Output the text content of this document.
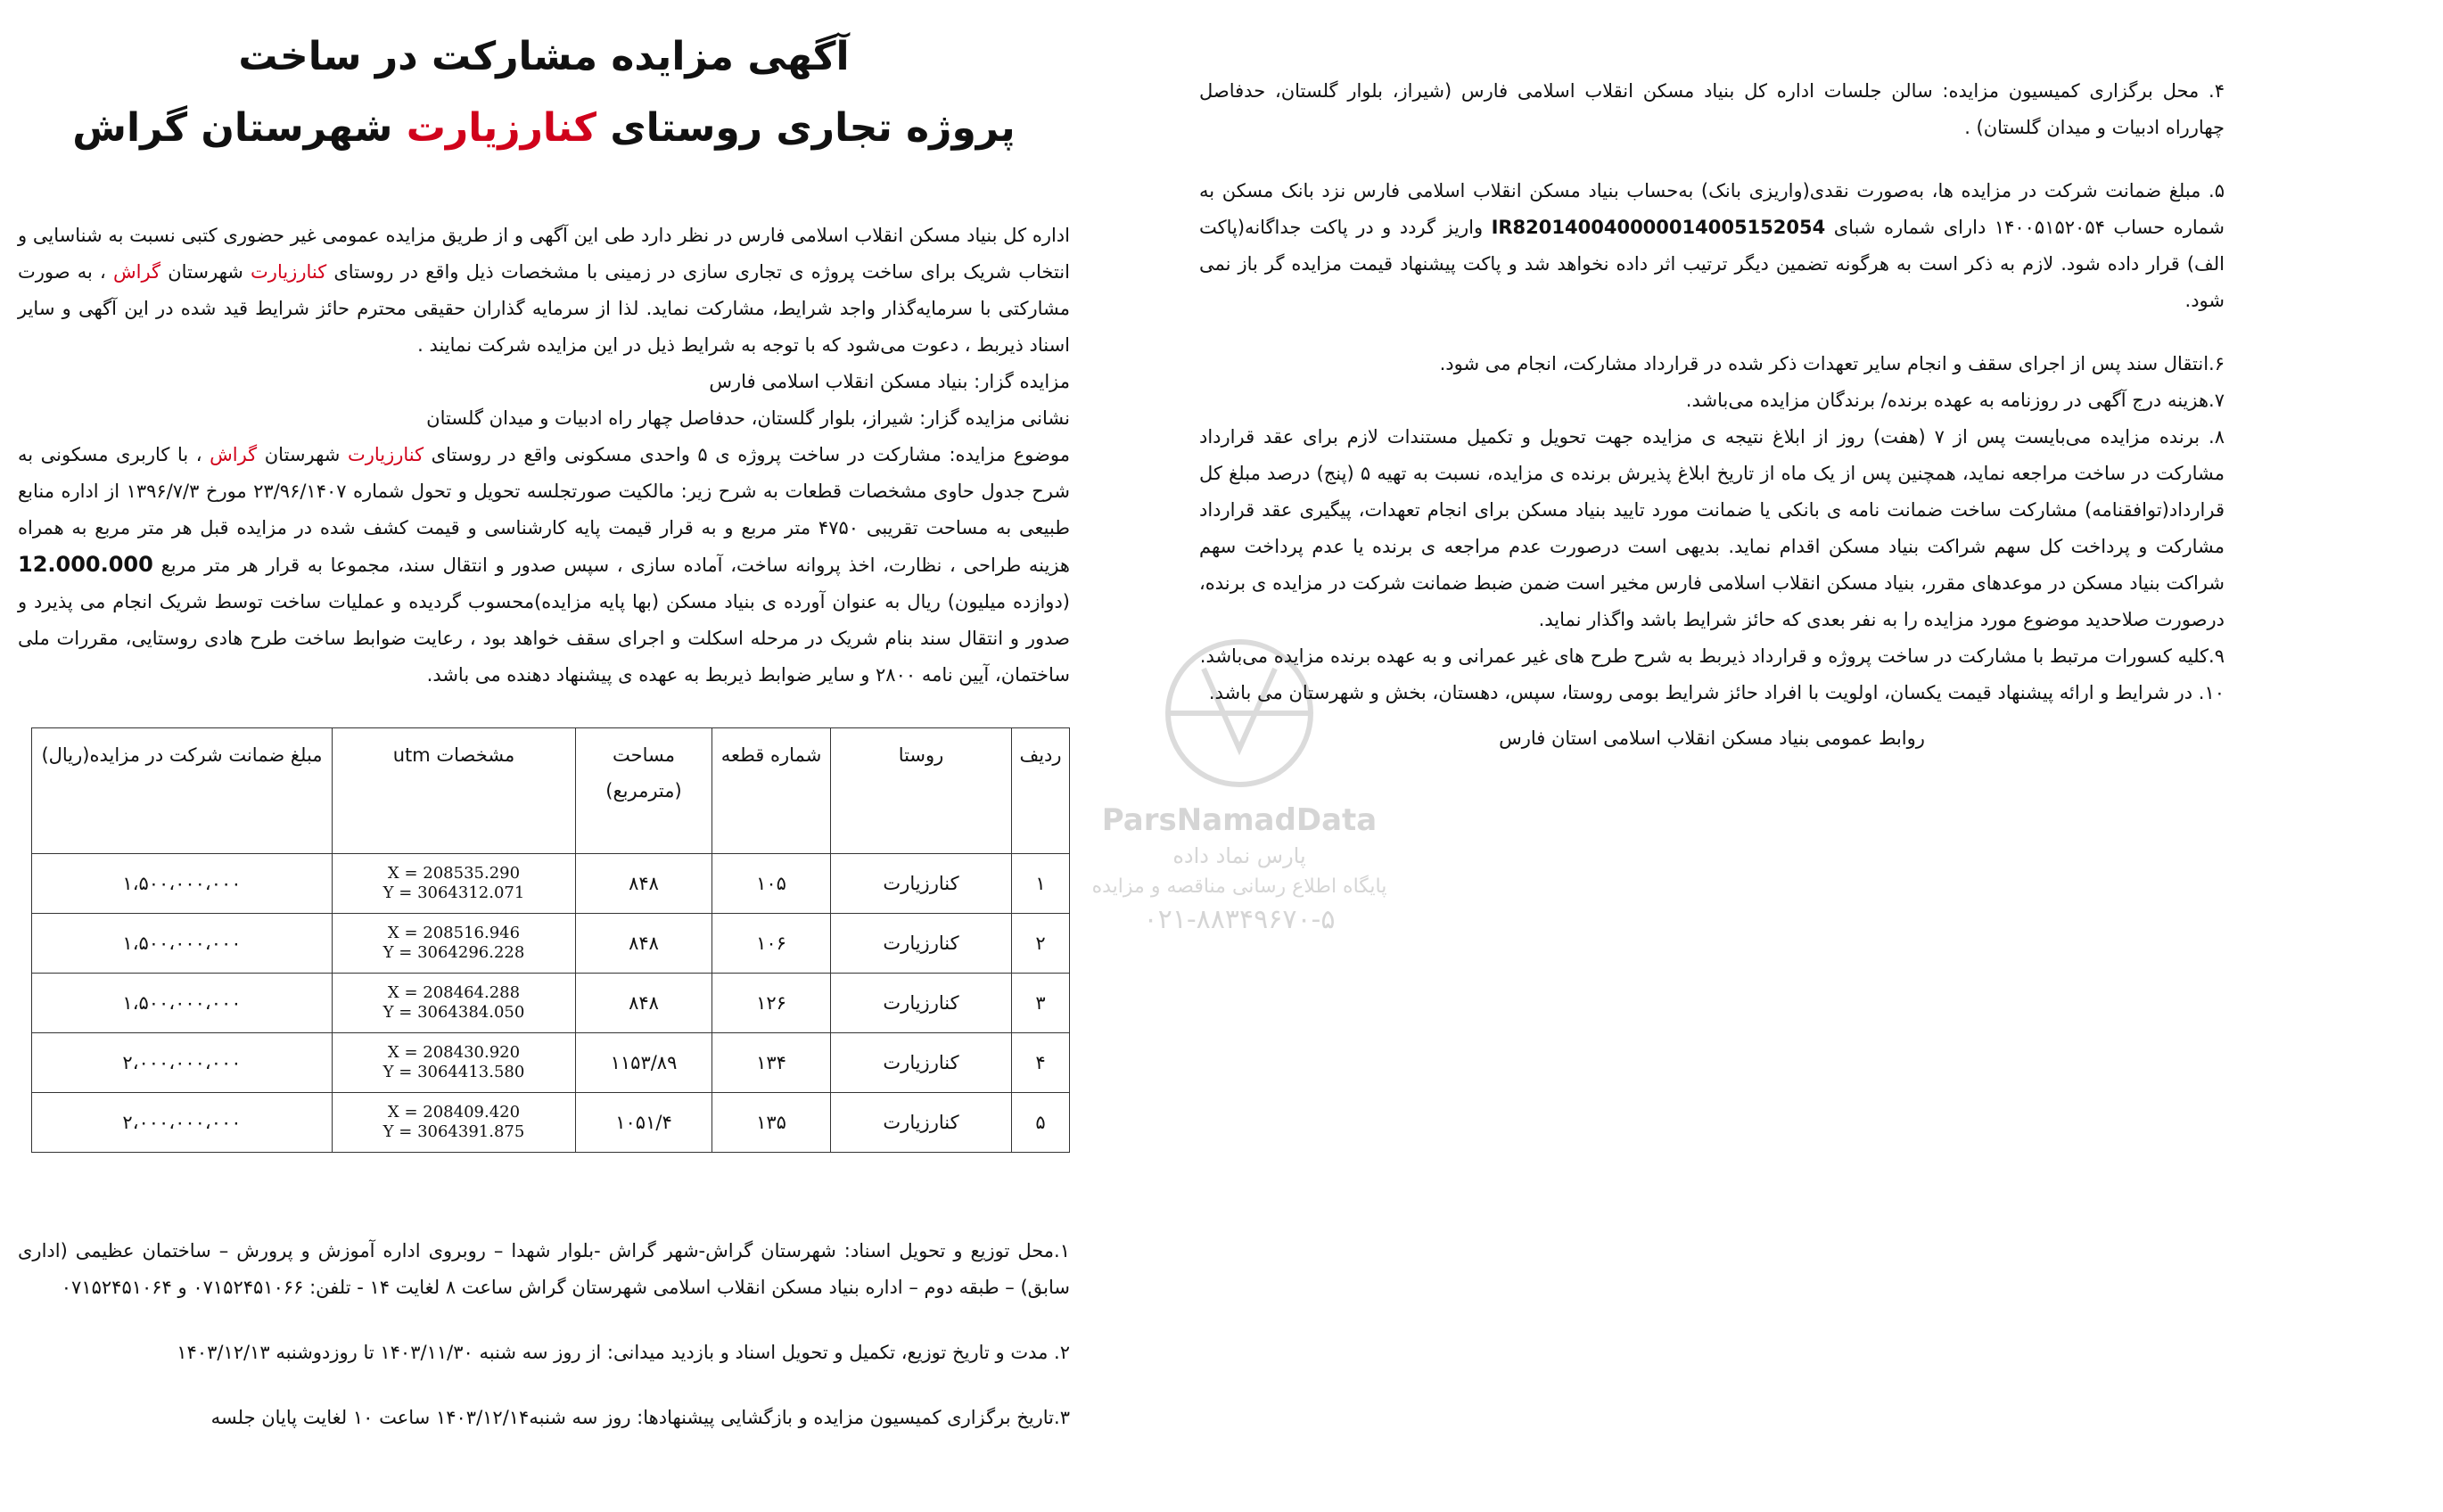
آگهی مزایده مشارکت در ساخت
پروژه تجاری روستای کنارزیارت شهرستان گراش

اداره کل بنیاد مسکن انقلاب اسلامی فارس در نظر دارد طی این آگهی و از طریق مزایده عمومی غیر حضوری کتبی نسبت به شناسایی و انتخاب شریک برای ساخت پروژه ی تجاری سازی در زمینی با مشخصات ذیل واقع در روستای کنارزیارت شهرستان گراش ، به صورت مشارکتی با سرمایه‌گذار واجد شرایط، مشارکت نماید. لذا از سرمایه گذاران حقیقی محترم حائز شرایط قید شده در این آگهی و سایر اسناد ذیربط ، دعوت می‌شود که با توجه به شرایط ذیل در این مزایده شرکت نمایند .

مزایده گزار: بنیاد مسکن انقلاب اسلامی فارس

نشانی مزایده گزار: شیراز، بلوار گلستان، حدفاصل چهار راه ادبیات و میدان گلستان

موضوع مزایده: مشارکت در ساخت پروژه ی ۵ واحدی مسکونی واقع در روستای کنارزیارت شهرستان گراش ، با کاربری مسکونی به شرح جدول حاوی مشخصات قطعات به شرح زیر: مالکیت صورتجلسه تحویل و تحول شماره ۲۳/۹۶/۱۴۰۷ مورخ ۱۳۹۶/۷/۳ از اداره منابع طبیعی به مساحت تقریبی ۴۷۵۰ متر مربع و به قرار قیمت پایه کارشناسی و قیمت کشف شده در مزایده قبل هر متر مربع به همراه هزینه طراحی ، نظارت، اخذ پروانه ساخت، آماده سازی ، سپس صدور و انتقال سند، مجموعا به قرار هر متر مربع 12.000.000 (دوازده میلیون) ریال به عنوان آورده ی بنیاد مسکن (بها پایه مزایده)محسوب گردیده و عملیات ساخت توسط شریک انجام می پذیرد و صدور و انتقال سند بنام شریک در مرحله اسکلت و اجرای سقف خواهد بود ، رعایت ضوابط ساخت طرح هادی روستایی، مقررات ملی ساختمان، آیین نامه ۲۸۰۰ و سایر ضوابط ذیربط به عهده ی پیشنهاد دهنده می باشد.

ردیف	روستا	شماره قطعه	مساحت (مترمربع)	مشخصات utm	مبلغ ضمانت شرکت در مزایده(ریال)
۱	کنارزیارت	۱۰۵	۸۴۸	X = 208535.290
Y = 3064312.071	۱،۵۰۰،۰۰۰،۰۰۰
۲	کنارزیارت	۱۰۶	۸۴۸	X = 208516.946
Y = 3064296.228	۱،۵۰۰،۰۰۰،۰۰۰
۳	کنارزیارت	۱۲۶	۸۴۸	X = 208464.288
Y = 3064384.050	۱،۵۰۰،۰۰۰،۰۰۰
۴	کنارزیارت	۱۳۴	۱۱۵۳/۸۹	X = 208430.920
Y = 3064413.580	۲،۰۰۰،۰۰۰،۰۰۰
۵	کنارزیارت	۱۳۵	۱۰۵۱/۴	X = 208409.420
Y = 3064391.875	۲،۰۰۰،۰۰۰،۰۰۰

۱.محل توزیع و تحویل اسناد: شهرستان گراش-شهر گراش -بلوار شهدا – روبروی اداره آموزش و پرورش – ساختمان عظیمی (اداری سابق) – طبقه دوم – اداره بنیاد مسکن انقلاب اسلامی شهرستان گراش ساعت ۸ لغایت ۱۴ - تلفن: ۰۷۱۵۲۴۵۱۰۶۶ و ۰۷۱۵۲۴۵۱۰۶۴

۲. مدت و تاریخ توزیع، تکمیل و تحویل اسناد و بازدید میدانی: از روز سه شنبه ۱۴۰۳/۱۱/۳۰ تا روزدوشنبه ۱۴۰۳/۱۲/۱۳

۳.تاریخ برگزاری کمیسیون مزایده و بازگشایی پیشنهادها: روز سه شنبه۱۴۰۳/۱۲/۱۴ ساعت ۱۰ لغایت پایان جلسه

ParsNamadData
پارس نماد داده
پایگاه اطلاع رسانی مناقصه و مزایده
۰۲۱-۸۸۳۴۹۶۷۰-۵

۴. محل برگزاری کمیسیون مزایده: سالن جلسات اداره کل بنیاد مسکن انقلاب اسلامی فارس (شیراز، بلوار گلستان، حدفاصل چهارراه ادبیات و میدان گلستان) .

۵. مبلغ ضمانت شرکت در مزایده ها، به‌صورت نقدی(واریزی بانک) به‌حساب بنیاد مسکن انقلاب اسلامی فارس نزد بانک مسکن به شماره حساب ۱۴۰۰۵۱۵۲۰۵۴ دارای شماره شبای IR820140040000014005152054 واریز گردد و در پاکت جداگانه(پاکت الف) قرار داده شود. لازم به ذکر است به هرگونه تضمین دیگر ترتیب اثر داده نخواهد شد و پاکت پیشنهاد قیمت مزایده گر باز نمی شود.

۶.انتقال سند پس از اجرای سقف و انجام سایر تعهدات ذکر شده در قرارداد مشارکت، انجام می شود.

۷.هزینه درج آگهی در روزنامه به عهده برنده/ برندگان مزایده می‌باشد.

۸. برنده مزایده می‌بایست پس از ۷ (هفت) روز از ابلاغ نتیجه ی مزایده جهت تحویل و تکمیل مستندات لازم برای عقد قرارداد مشارکت در ساخت مراجعه نماید، همچنین پس از یک ماه از تاریخ ابلاغ پذیرش برنده ی مزایده، نسبت به تهیه ۵ (پنج) درصد مبلغ کل قرارداد(توافقنامه) مشارکت ساخت ضمانت نامه ی بانکی یا ضمانت مورد تایید بنیاد مسکن برای انجام تعهدات، پیگیری عقد قرارداد مشارکت و پرداخت کل سهم شراکت بنیاد مسکن اقدام نماید. بدیهی است درصورت عدم مراجعه ی برنده یا عدم پرداخت سهم شراکت بنیاد مسکن در موعدهای مقرر، بنیاد مسکن انقلاب اسلامی فارس مخیر است ضمن ضبط ضمانت شرکت در مزایده ی برنده، درصورت صلاحدید موضوع مورد مزایده را به نفر بعدی که حائز شرایط باشد واگذار نماید.

۹.کلیه کسورات مرتبط با مشارکت در ساخت پروژه و قرارداد ذیربط به شرح طرح های غیر عمرانی و به عهده برنده مزایده می‌باشد.

۱۰. در شرایط و ارائه پیشنهاد قیمت یکسان، اولویت با افراد حائز شرایط بومی روستا، سپس، دهستان، بخش و شهرستان می باشد.

روابط عمومی بنیاد مسکن انقلاب اسلامی استان فارس
